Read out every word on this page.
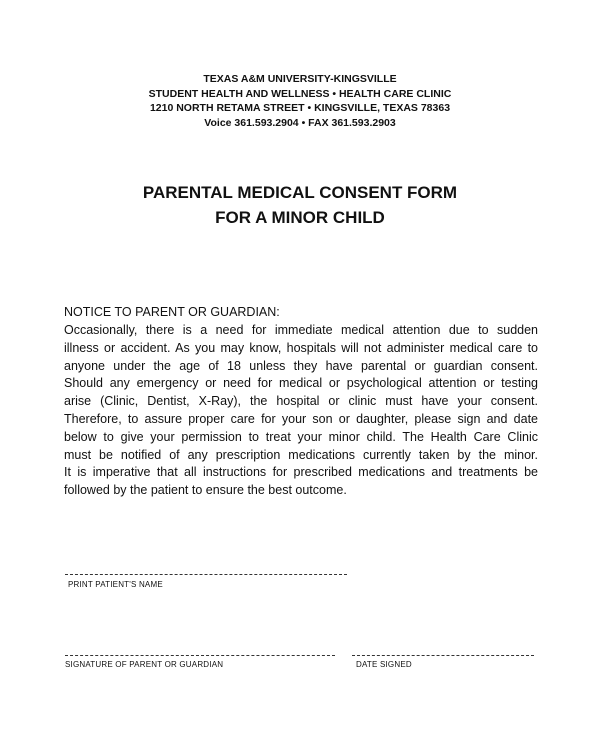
TEXAS A&M UNIVERSITY-KINGSVILLE
STUDENT HEALTH AND WELLNESS • HEALTH CARE CLINIC
1210 NORTH RETAMA STREET • KINGSVILLE, TEXAS 78363
Voice 361.593.2904 • FAX 361.593.2903
PARENTAL MEDICAL CONSENT FORM
FOR A MINOR CHILD
NOTICE TO PARENT OR GUARDIAN:
Occasionally, there is a need for immediate medical attention due to sudden
illness or accident. As you may know, hospitals will not administer medical care to
anyone under the age of 18 unless they have parental or guardian consent.
Should any emergency or need for medical or psychological attention or testing
arise (Clinic, Dentist, X-Ray), the hospital or clinic must have your consent.
Therefore, to assure proper care for your son or daughter, please sign and date
below to give your permission to treat your minor child. The Health Care Clinic
must be notified of any prescription medications currently taken by the minor.
It is imperative that all instructions for prescribed medications and treatments be
followed by the patient to ensure the best outcome.
PRINT PATIENT'S NAME
SIGNATURE OF PARENT OR GUARDIAN	DATE SIGNED
